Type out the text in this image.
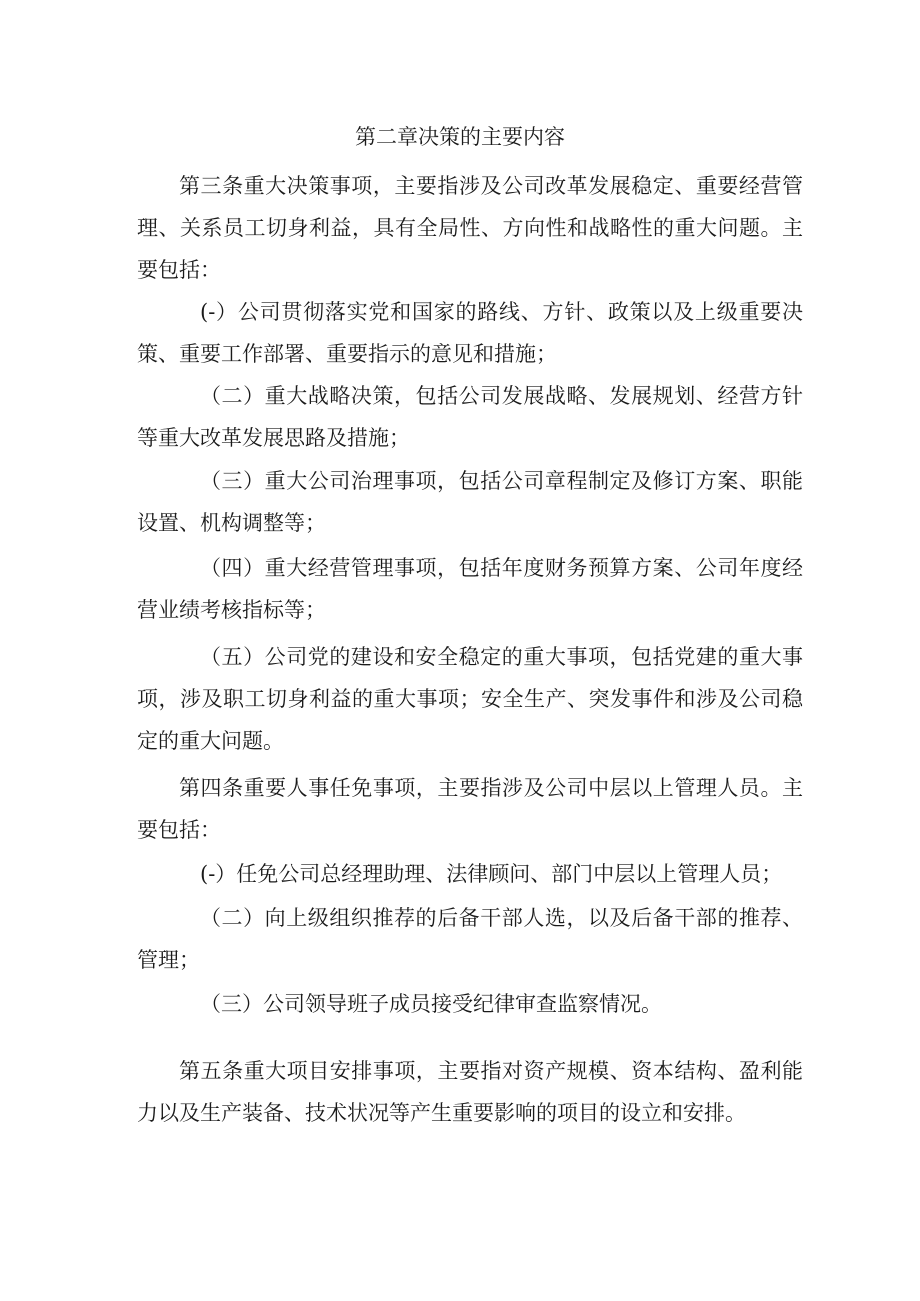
第二章决策的主要内容

第三条重大决策事项，主要指涉及公司改革发展稳定、重要经营管理、关系员工切身利益，具有全局性、方向性和战略性的重大问题。主要包括：

(-）公司贯彻落实党和国家的路线、方针、政策以及上级重要决策、重要工作部署、重要指示的意见和措施；

（二）重大战略决策，包括公司发展战略、发展规划、经营方针等重大改革发展思路及措施；

（三）重大公司治理事项，包括公司章程制定及修订方案、职能设置、机构调整等；

（四）重大经营管理事项，包括年度财务预算方案、公司年度经营业绩考核指标等；

（五）公司党的建设和安全稳定的重大事项，包括党建的重大事项，涉及职工切身利益的重大事项；安全生产、突发事件和涉及公司稳定的重大问题。

第四条重要人事任免事项，主要指涉及公司中层以上管理人员。主要包括：

(-）任免公司总经理助理、法律顾问、部门中层以上管理人员；

（二）向上级组织推荐的后备干部人选，以及后备干部的推荐、管理；

（三）公司领导班子成员接受纪律审查监察情况。

第五条重大项目安排事项，主要指对资产规模、资本结构、盈利能力以及生产装备、技术状况等产生重要影响的项目的设立和安排。
